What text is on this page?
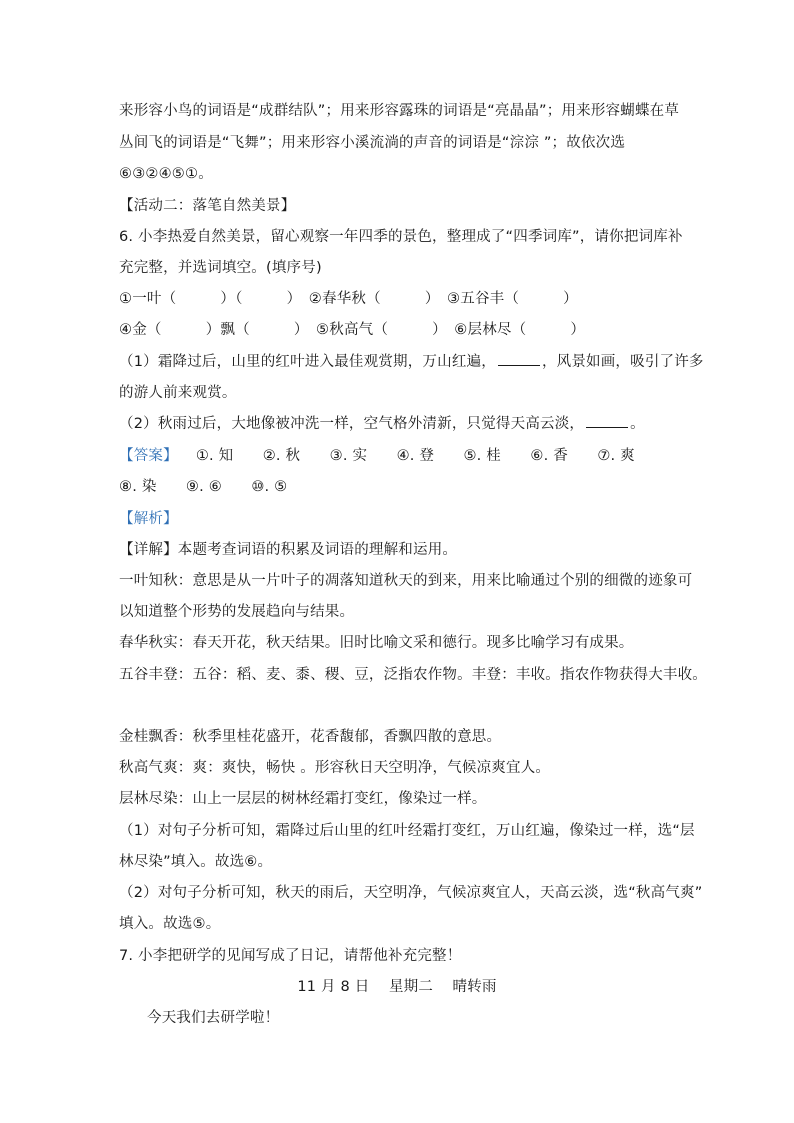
来形容小鸟的词语是“成群结队”；用来形容露珠的词语是“亮晶晶”；用来形容蝴蝶在草
丛间飞的词语是“飞舞”；用来形容小溪流淌的声音的词语是“淙淙 ”；故依次选
⑥③②④⑤①。
【活动二：落笔自然美景】
6. 小李热爱自然美景，留心观察一年四季的景色，整理成了“四季词库”，请你把词库补
充完整，并选词填空。(填序号)
①一叶（　　　）（　　　）　②春华秋（　　　）　③五谷丰（　　　）
④金（　　　）飘（　　　）　⑤秋高气（　　　）　⑥层林尽（　　　）
（1）霜降过后，山里的红叶进入最佳观赏期，万山红遍，	，风景如画，吸引了许多
的游人前来观赏。
（2）秋雨过后，大地像被冲洗一样，空气格外清新，只觉得天高云淡，	。
【答案】 ①. 知　　②. 秋　　③. 实　　④. 登　　⑤. 桂　　⑥. 香　　⑦. 爽
⑧. 染　　⑨. ⑥　　⑩. ⑤
【解析】
【详解】本题考查词语的积累及词语的理解和运用。
一叶知秋：意思是从一片叶子的凋落知道秋天的到来，用来比喻通过个别的细微的迹象可
以知道整个形势的发展趋向与结果。
春华秋实：春天开花，秋天结果。旧时比喻文采和德行。现多比喻学习有成果。
五谷丰登：五谷：稻、麦、黍、稷、豆，泛指农作物。丰登：丰收。指农作物获得大丰收。
金桂飘香：秋季里桂花盛开，花香馥郁，香飘四散的意思。
秋高气爽：爽：爽快，畅快 。形容秋日天空明净，气候凉爽宜人。
层林尽染：山上一层层的树林经霜打变红，像染过一样。
（1）对句子分析可知，霜降过后山里的红叶经霜打变红，万山红遍，像染过一样，选“层
林尽染”填入。故选⑥。
（2）对句子分析可知，秋天的雨后，天空明净，气候凉爽宜人，天高云淡，选“秋高气爽”
填入。故选⑤。
7. 小李把研学的见闻写成了日记，请帮他补充完整！
11 月 8 日　 星期二　 晴转雨
今天我们去研学啦！
